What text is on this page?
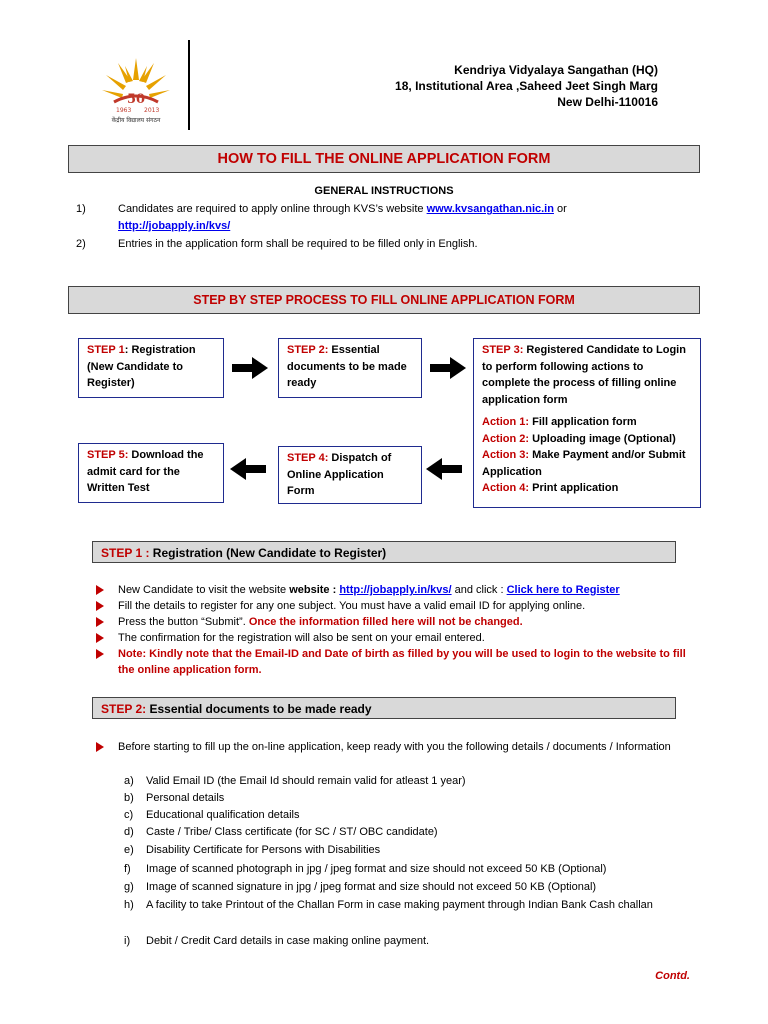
50
1963 2013
केंद्रीय विद्यालय संगठन
Kendriya Vidyalaya Sangathan (HQ)
18, Institutional Area ,Saheed Jeet Singh Marg
New Delhi-110016
HOW TO FILL THE ONLINE APPLICATION FORM
GENERAL INSTRUCTIONS
1)	Candidates are required to apply online through KVS’s website www.kvsangathan.nic.in or
http://jobapply.in/kvs/
2)	Entries in the application form shall be required to be filled only in English.
STEP BY STEP PROCESS TO FILL ONLINE APPLICATION FORM
STEP 1: Registration (New Candidate to Register)
STEP 2: Essential documents to be made ready
STEP 3: Registered Candidate to Login to perform following actions to complete the process of filling online application form
Action 1: Fill application form
Action 2: Uploading image (Optional)
Action 3: Make Payment and/or Submit Application
Action 4: Print application
STEP 4: Dispatch of Online Application Form
STEP 5: Download the admit card for the Written Test
STEP 1 : Registration (New Candidate to Register)
New Candidate to visit the website website : http://jobapply.in/kvs/ and click : Click here to Register
Fill the details to register for any one subject. You must have a valid email ID for applying online.
Press the button “Submit”. Once the information filled here will not be changed.
The confirmation for the registration will also be sent on your email entered.
Note: Kindly note that the Email-ID and Date of birth as filled by you will be used to login to the website to fill the online application form.
STEP 2: Essential documents to be made ready
Before starting to fill up the on-line application, keep ready with you the following details / documents / Information
a) Valid Email ID (the Email Id should remain valid for atleast 1 year)
b) Personal details
c) Educational qualification details
d) Caste / Tribe/ Class certificate (for SC / ST/ OBC candidate)
e) Disability Certificate for Persons with Disabilities
f) Image of scanned photograph in jpg / jpeg format and size should not exceed 50 KB (Optional)
g) Image of scanned signature in jpg / jpeg format and size should not exceed 50 KB (Optional)
h) A facility to take Printout of the Challan Form in case making payment through Indian Bank Cash challan
i) Debit / Credit Card details in case making online payment.
Contd.
